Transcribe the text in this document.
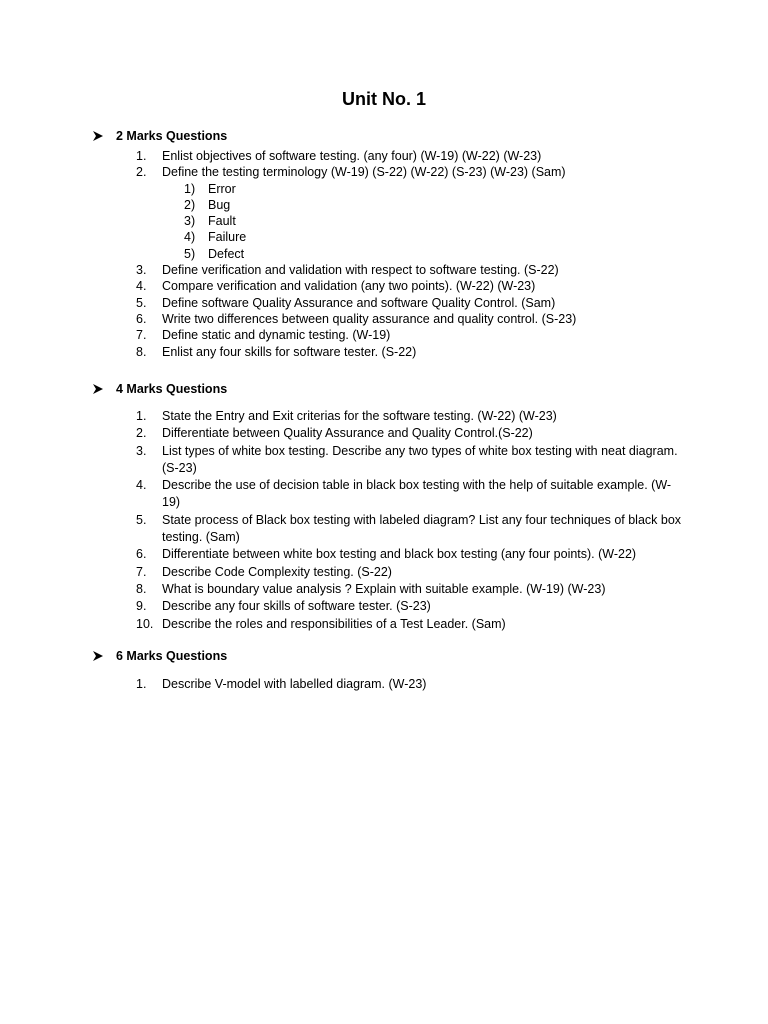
Unit No. 1
2 Marks Questions
1.	Enlist objectives of software testing. (any four) (W-19) (W-22) (W-23)
2.	Define the testing terminology (W-19) (S-22) (W-22) (S-23) (W-23) (Sam)
1)	Error
2)	Bug
3)	Fault
4)	Failure
5)	Defect
3.	Define verification and validation with respect to software testing. (S-22)
4.	Compare verification and validation (any two points). (W-22) (W-23)
5.	Define software Quality Assurance and software Quality Control. (Sam)
6.	Write two differences between quality assurance and quality control. (S-23)
7.	Define static and dynamic testing. (W-19)
8.	Enlist any four skills for software tester. (S-22)
4 Marks Questions
1.	State the Entry and Exit criterias for the software testing. (W-22) (W-23)
2.	Differentiate between Quality Assurance and Quality Control.(S-22)
3.	List types of white box testing. Describe any two types of white box testing with neat diagram. (S-23)
4.	Describe the use of decision table in black box testing with the help of suitable example. (W-19)
5.	State process of Black box testing with labeled diagram? List any four techniques of black box testing. (Sam)
6.	Differentiate between white box testing and black box testing (any four points). (W-22)
7.	Describe Code Complexity testing. (S-22)
8.	What is boundary value analysis ? Explain with suitable example. (W-19) (W-23)
9.	Describe any four skills of software tester. (S-23)
10. Describe the roles and responsibilities of a Test Leader. (Sam)
6 Marks Questions
1.	Describe V-model with labelled diagram. (W-23)
